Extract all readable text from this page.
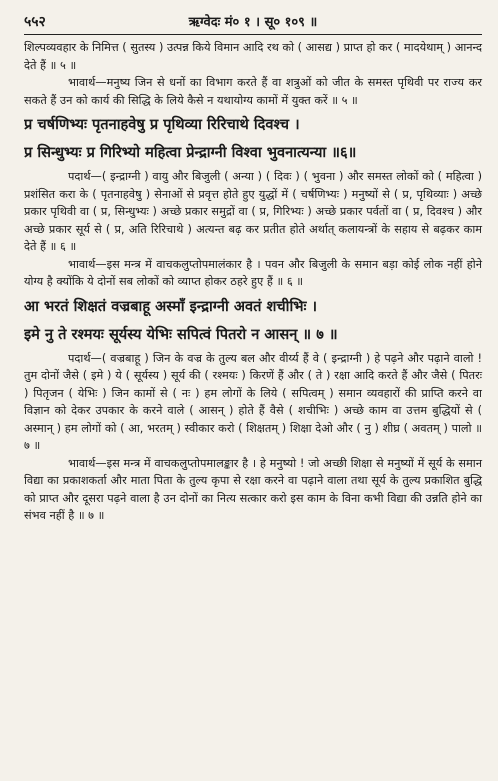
५५२	ऋग्वेदः मं० १ । सू० १०९ ॥

शिल्पव्यवहार के निमित्त ( सुतस्य ) उत्पन्न किये विमान आदि रथ को ( आसद्य ) प्राप्त हो कर ( मादयेथाम् ) आनन्द देते हैं ॥ ५ ॥

भावार्थ—मनुष्य जिन से धनों का विभाग करते हैं वा शत्रुओं को जीत के समस्त पृथिवी पर राज्य कर सकते हैं उन को कार्य की सिद्धि के लिये कैसे न यथायोग्य कामों में युक्त करें ॥ ५ ॥

प्र चर्षणिभ्यः पृतनाहवेषु प्र पृथिव्या रिरिचाथे दिवश्च ।
प्र सिन्धुभ्यः प्र गिरिभ्यो महित्वा प्रेन्द्राग्नी विश्वा भुवनात्यन्या ॥६॥

पदार्थ—( इन्द्राग्नी ) वायु और बिजुली ( अन्या ) ( दिवः ) ( भुवना ) और समस्त लोकों को ( महित्वा ) प्रशंसित करा के ( पृतनाहवेषु ) सेनाओं से प्रवृत्त होते हुए युद्धों में ( चर्षणिभ्यः ) मनुष्यों से ( प्र, पृथिव्याः ) अच्छे प्रकार पृथिवी वा ( प्र, सिन्धुभ्यः ) अच्छे प्रकार समुद्रों वा ( प्र, गिरिभ्यः ) अच्छे प्रकार पर्वतों वा ( प्र, दिवश्च ) और अच्छे प्रकार सूर्य से ( प्र, अति रिरिचाथे ) अत्यन्त बढ़ कर प्रतीत होते अर्थात् कलायन्त्रों के सहाय से बढ़कर काम देते हैं ॥ ६ ॥

भावार्थ—इस मन्त्र में वाचकलुप्तोपमालंकार है । पवन और बिजुली के समान बड़ा कोई लोक नहीं होने योग्य है क्योंकि ये दोनों सब लोकों को व्याप्त होकर ठहरे हुए हैं ॥ ६ ॥

आ भरतं शिक्षतं वज्रबाहू अस्माँ इन्द्राग्नी अवतं शचीभिः ।
इमे नु ते रश्मयः सूर्यस्य येभिः सपित्वं पितरो न आसन् ॥ ७ ॥

पदार्थ—( वज्रबाहू ) जिन के वज्र के तुल्य बल और वीर्य्य हैं वे ( इन्द्राग्नी ) हे पढ़ने और पढ़ाने वालो ! तुम दोनों जैसे ( इमे ) ये ( सूर्यस्य ) सूर्य की ( रश्मयः ) किरणें हैं और ( ते ) रक्षा आदि करते हैं और जैसे ( पितरः ) पितृजन ( येभिः ) जिन कामों से ( नः ) हम लोगों के लिये ( सपित्वम् ) समान व्यवहारों की प्राप्ति करने वा विज्ञान को देकर उपकार के करने वाले ( आसन् ) होते हैं वैसे ( शचीभिः ) अच्छे काम वा उत्तम बुद्धियों से ( अस्मान् ) हम लोगों को ( आ, भरतम् ) स्वीकार करो ( शिक्षतम् ) शिक्षा देओ और ( नु ) शीघ्र ( अवतम् ) पालो ॥ ७ ॥

भावार्थ—इस मन्त्र में वाचकलुप्तोपमालङ्कार है । हे मनुष्यो ! जो अच्छी शिक्षा से मनुष्यों में सूर्य के समान विद्या का प्रकाशकर्ता और माता पिता के तुल्य कृपा से रक्षा करने वा पढ़ाने वाला तथा सूर्य के तुल्य प्रकाशित बुद्धि को प्राप्त और दूसरा पढ़ने वाला है उन दोनों का नित्य सत्कार करो इस काम के विना कभी विद्या की उन्नति होने का संभव नहीं है ॥ ७ ॥
